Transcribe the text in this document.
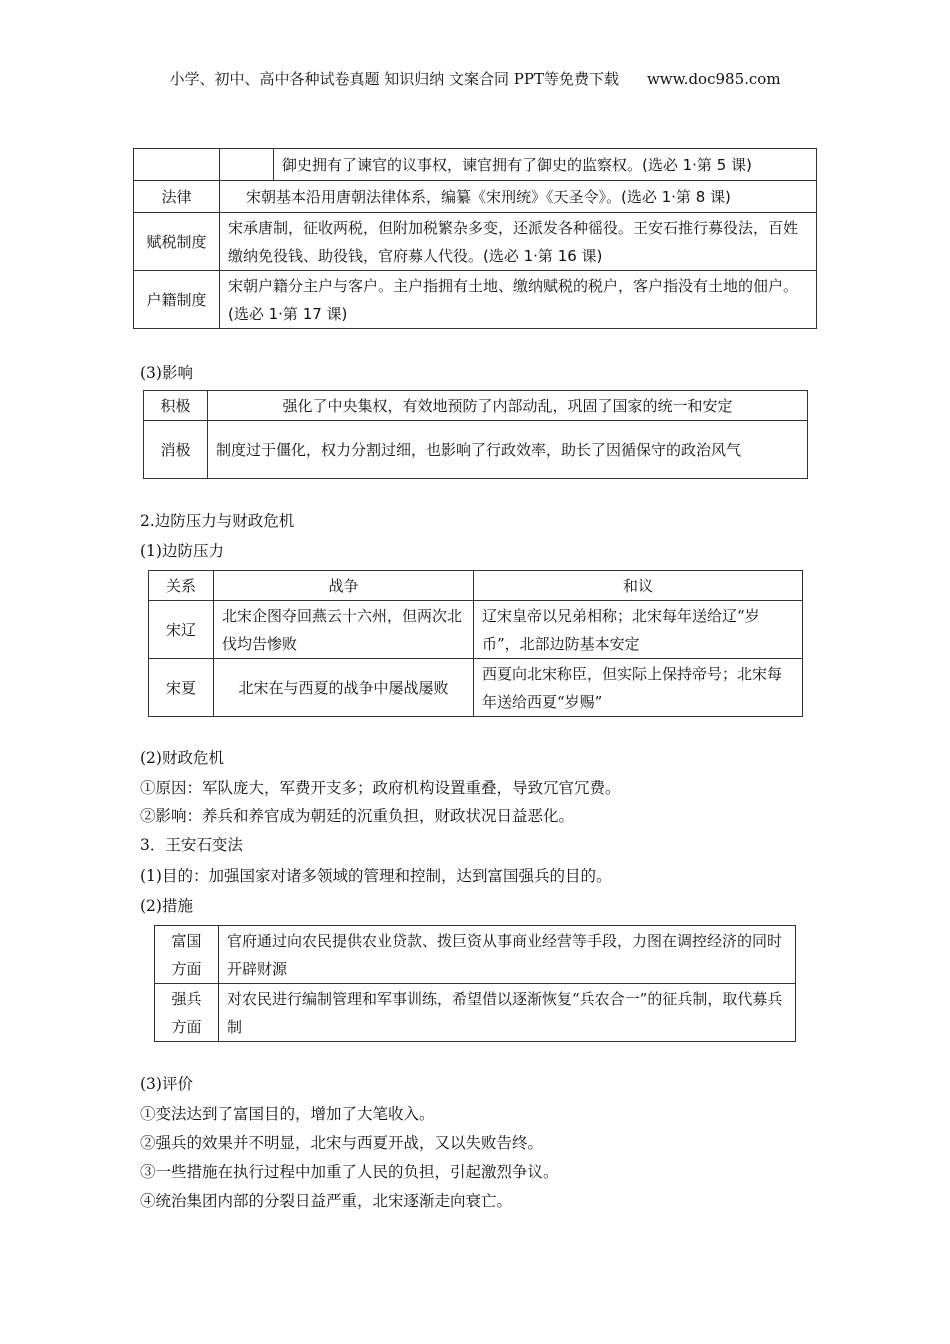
小学、初中、高中各种试卷真题 知识归纳 文案合同 PPT等免费下载 www.doc985.com
		御史拥有了谏官的议事权，谏官拥有了御史的监察权。(选必 1·第 5 课)
法律	宋朝基本沿用唐朝法律体系，编纂《宋刑统》《天圣令》。(选必 1·第 8 课)	
赋税制度	宋承唐制，征收两税，但附加税繁杂多变，还派发各种徭役。王安石推行募役法，百姓缴纳免役钱、助役钱，官府募人代役。(选必 1·第 16 课)	
户籍制度	宋朝户籍分主户与客户。主户指拥有土地、缴纳赋税的税户，客户指没有土地的佃户。(选必 1·第 17 课)	
(3)影响
积极	强化了中央集权，有效地预防了内部动乱，巩固了国家的统一和安定
消极	制度过于僵化，权力分割过细，也影响了行政效率，助长了因循保守的政治风气
2.边防压力与财政危机
(1)边防压力
关系	战争	和议
宋辽	北宋企图夺回燕云十六州，但两次北伐均告惨败	辽宋皇帝以兄弟相称；北宋每年送给辽“岁币”，北部边防基本安定
宋夏	北宋在与西夏的战争中屡战屡败	西夏向北宋称臣，但实际上保持帝号；北宋每年送给西夏“岁赐”
(2)财政危机
①原因：军队庞大，军费开支多；政府机构设置重叠，导致冗官冗费。
②影响：养兵和养官成为朝廷的沉重负担，财政状况日益恶化。
3．王安石变法
(1)目的：加强国家对诸多领域的管理和控制，达到富国强兵的目的。
(2)措施
富国方面	官府通过向农民提供农业贷款、拨巨资从事商业经营等手段，力图在调控经济的同时开辟财源
强兵方面	对农民进行编制管理和军事训练，希望借以逐渐恢复“兵农合一”的征兵制，取代募兵制
(3)评价
①变法达到了富国目的，增加了大笔收入。
②强兵的效果并不明显，北宋与西夏开战，又以失败告终。
③一些措施在执行过程中加重了人民的负担，引起激烈争议。
④统治集团内部的分裂日益严重，北宋逐渐走向衰亡。
